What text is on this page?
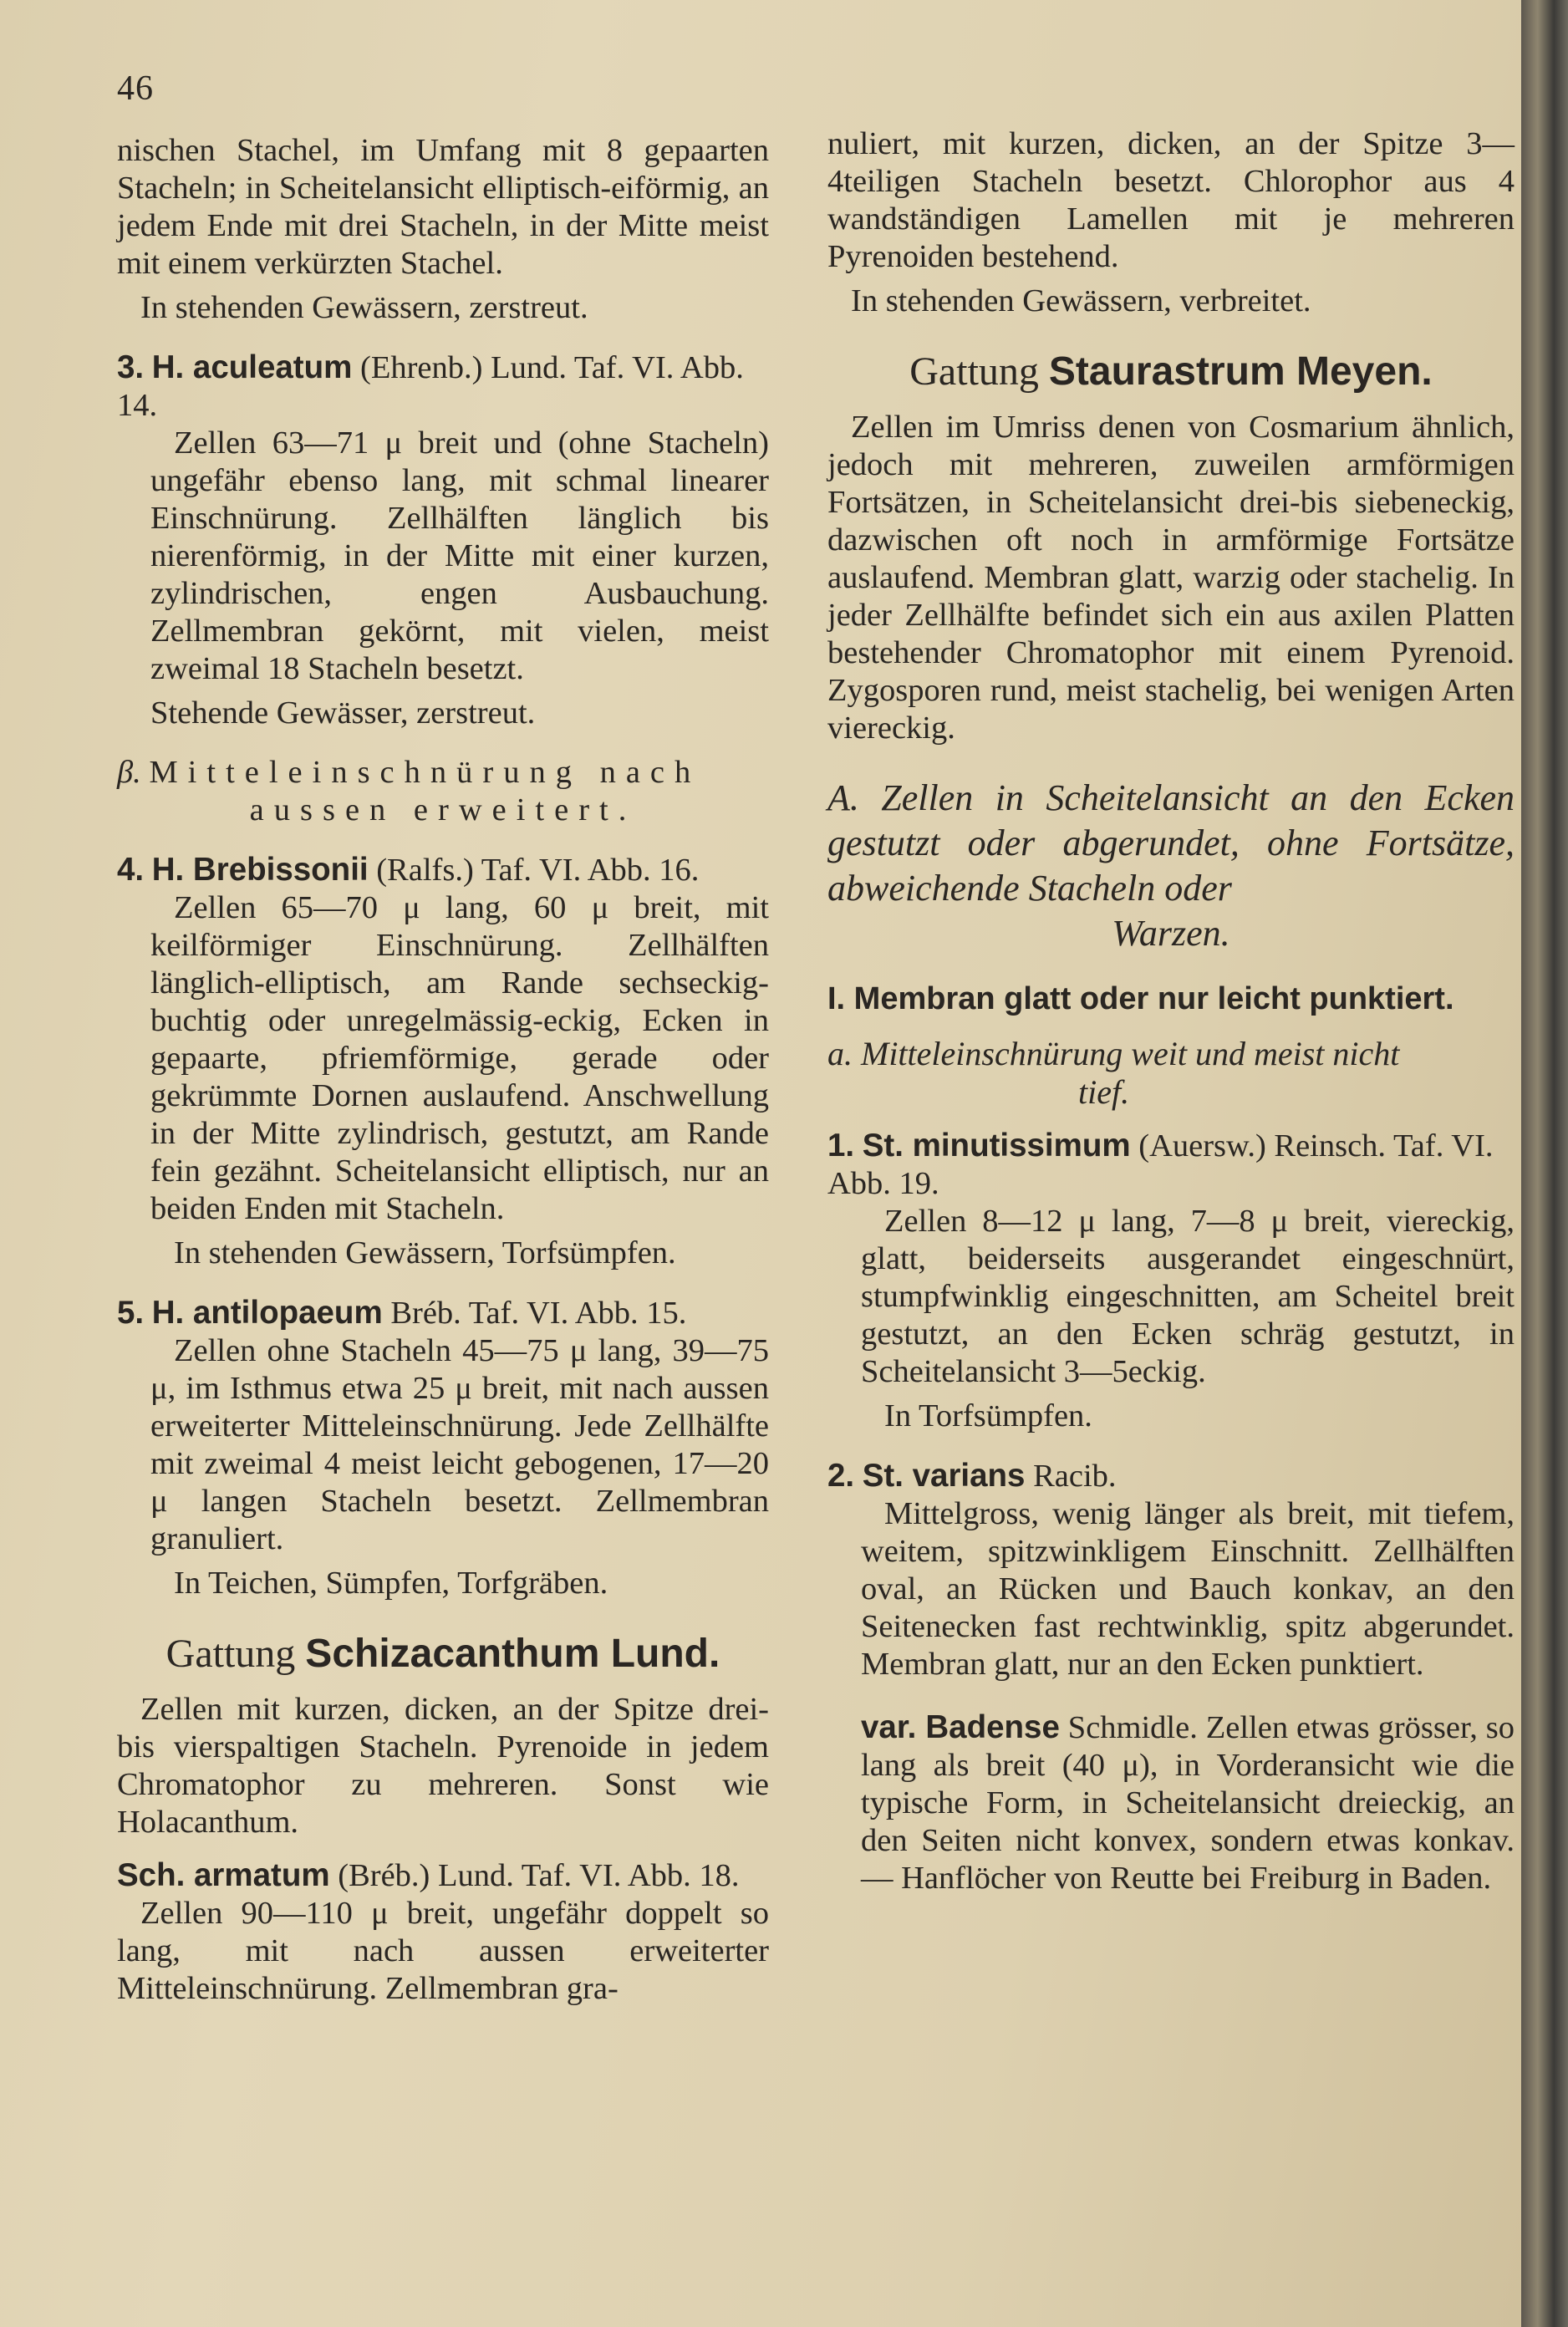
46

nischen Stachel, im Umfang mit 8 gepaarten Stacheln; in Scheitelansicht elliptisch-eiförmig, an jedem Ende mit drei Stacheln, in der Mitte meist mit einem verkürzten Stachel.

In stehenden Gewässern, zerstreut.

3. H. aculeatum (Ehrenb.) Lund. Taf. VI. Abb. 14.

Zellen 63—71 μ breit und (ohne Stacheln) ungefähr ebenso lang, mit schmal linearer Einschnürung. Zellhälften länglich bis nierenförmig, in der Mitte mit einer kurzen, zylindrischen, engen Ausbauchung. Zellmembran gekörnt, mit vielen, meist zweimal 18 Stacheln besetzt.

Stehende Gewässer, zerstreut.

β. Mitteleinschnürung nach

aussen erweitert.

4. H. Brebissonii (Ralfs.) Taf. VI. Abb. 16.

Zellen 65—70 μ lang, 60 μ breit, mit keilförmiger Einschnürung. Zellhälften länglich-elliptisch, am Rande sechseckig-buchtig oder unregelmässig-eckig, Ecken in gepaarte, pfriemförmige, gerade oder gekrümmte Dornen auslaufend. Anschwellung in der Mitte zylindrisch, gestutzt, am Rande fein gezähnt. Scheitelansicht elliptisch, nur an beiden Enden mit Stacheln.

In stehenden Gewässern, Torfsümpfen.

5. H. antilopaeum Bréb. Taf. VI. Abb. 15.

Zellen ohne Stacheln 45—75 μ lang, 39—75 μ, im Isthmus etwa 25 μ breit, mit nach aussen erweiterter Mitteleinschnürung. Jede Zellhälfte mit zweimal 4 meist leicht gebogenen, 17—20 μ langen Stacheln besetzt. Zellmembran granuliert.

In Teichen, Sümpfen, Torfgräben.

Gattung Schizacanthum Lund.

Zellen mit kurzen, dicken, an der Spitze drei- bis vierspaltigen Stacheln. Pyrenoide in jedem Chromatophor zu mehreren. Sonst wie Holacanthum.

Sch. armatum (Bréb.) Lund. Taf. VI. Abb. 18.

Zellen 90—110 μ breit, ungefähr doppelt so lang, mit nach aussen erweiterter Mitteleinschnürung. Zellmembran gra-

nuliert, mit kurzen, dicken, an der Spitze 3—4teiligen Stacheln besetzt. Chlorophor aus 4 wandständigen Lamellen mit je mehreren Pyrenoiden bestehend.

In stehenden Gewässern, verbreitet.

Gattung Staurastrum Meyen.

Zellen im Umriss denen von Cosmarium ähnlich, jedoch mit mehreren, zuweilen armförmigen Fortsätzen, in Scheitelansicht drei-bis siebeneckig, dazwischen oft noch in armförmige Fortsätze auslaufend. Membran glatt, warzig oder stachelig. In jeder Zellhälfte befindet sich ein aus axilen Platten bestehender Chromatophor mit einem Pyrenoid. Zygosporen rund, meist stachelig, bei wenigen Arten viereckig.

A. Zellen in Scheitelansicht an den Ecken gestutzt oder abgerundet, ohne Fortsätze, abweichende Stacheln oder
Warzen.

I. Membran glatt oder nur leicht punktiert.

a. Mitteleinschnürung weit und meist nicht
tief.

1. St. minutissimum (Auersw.) Reinsch. Taf. VI. Abb. 19.

Zellen 8—12 μ lang, 7—8 μ breit, viereckig, glatt, beiderseits ausgerandet eingeschnürt, stumpfwinklig eingeschnitten, am Scheitel breit gestutzt, an den Ecken schräg gestutzt, in Scheitelansicht 3—5eckig.

In Torfsümpfen.

2. St. varians Racib.

Mittelgross, wenig länger als breit, mit tiefem, weitem, spitzwinkligem Einschnitt. Zellhälften oval, an Rücken und Bauch konkav, an den Seitenecken fast rechtwinklig, spitz abgerundet. Membran glatt, nur an den Ecken punktiert.

var. Badense Schmidle. Zellen etwas grösser, so lang als breit (40 μ), in Vorderansicht wie die typische Form, in Scheitelansicht dreieckig, an den Seiten nicht konvex, sondern etwas konkav. — Hanflöcher von Reutte bei Freiburg in Baden.
